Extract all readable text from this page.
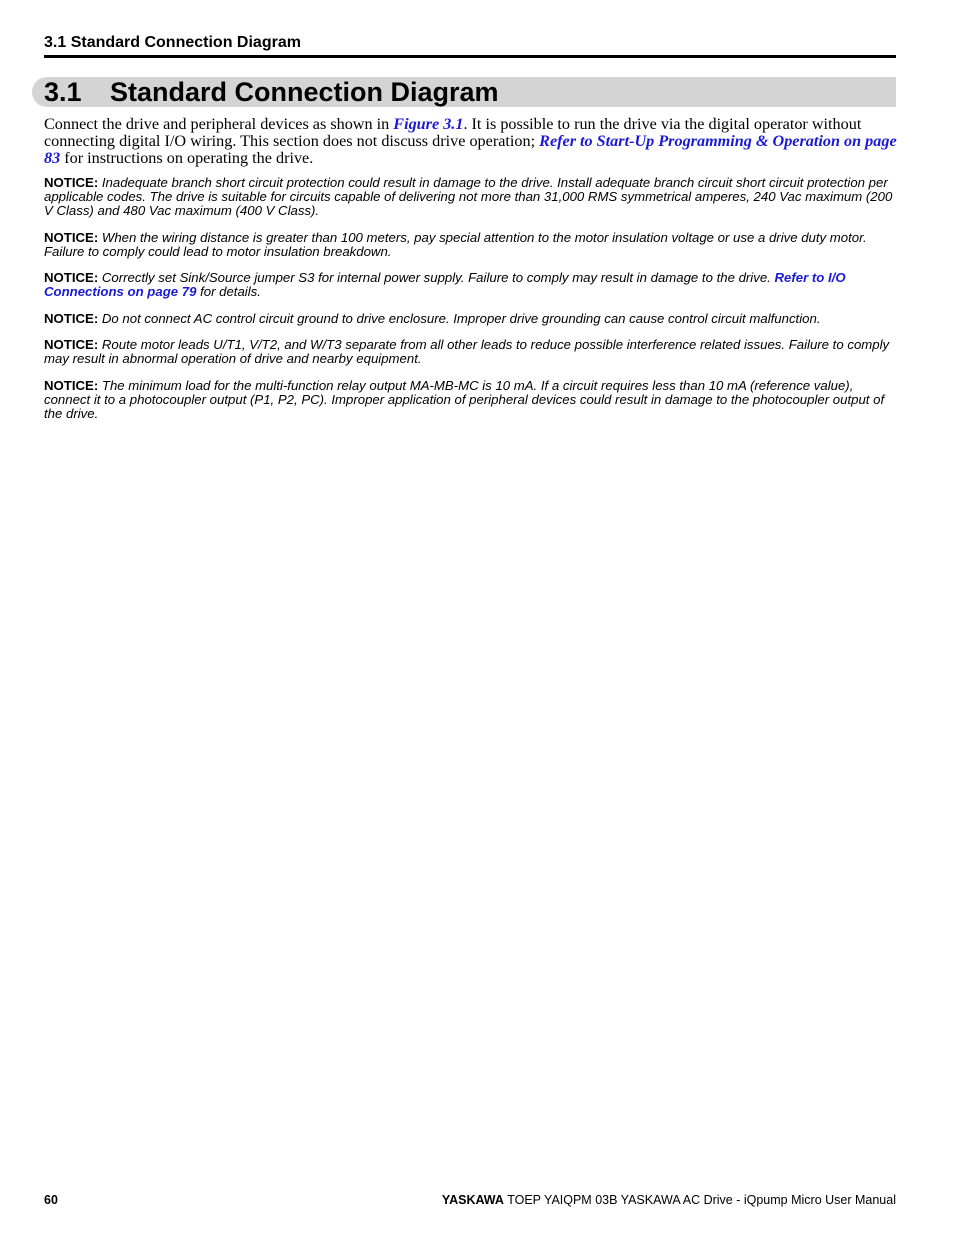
3.1 Standard Connection Diagram
3.1 Standard Connection Diagram

Connect the drive and peripheral devices as shown in Figure 3.1. It is possible to run the drive via the digital operator without connecting digital I/O wiring. This section does not discuss drive operation; Refer to Start-Up Programming & Operation on page 83 for instructions on operating the drive.

NOTICE: Inadequate branch short circuit protection could result in damage to the drive. Install adequate branch circuit short circuit protection per applicable codes. The drive is suitable for circuits capable of delivering not more than 31,000 RMS symmetrical amperes, 240 Vac maximum (200 V Class) and 480 Vac maximum (400 V Class).

NOTICE: When the wiring distance is greater than 100 meters, pay special attention to the motor insulation voltage or use a drive duty motor. Failure to comply could lead to motor insulation breakdown.

NOTICE: Correctly set Sink/Source jumper S3 for internal power supply. Failure to comply may result in damage to the drive. Refer to I/O Connections on page 79 for details.

NOTICE: Do not connect AC control circuit ground to drive enclosure. Improper drive grounding can cause control circuit malfunction.

NOTICE: Route motor leads U/T1, V/T2, and W/T3 separate from all other leads to reduce possible interference related issues. Failure to comply may result in abnormal operation of drive and nearby equipment.

NOTICE: The minimum load for the multi-function relay output MA-MB-MC is 10 mA. If a circuit requires less than 10 mA (reference value), connect it to a photocoupler output (P1, P2, PC). Improper application of peripheral devices could result in damage to the photocoupler output of the drive.

60	YASKAWA TOEP YAIQPM 03B YASKAWA AC Drive - iQpump Micro User Manual
